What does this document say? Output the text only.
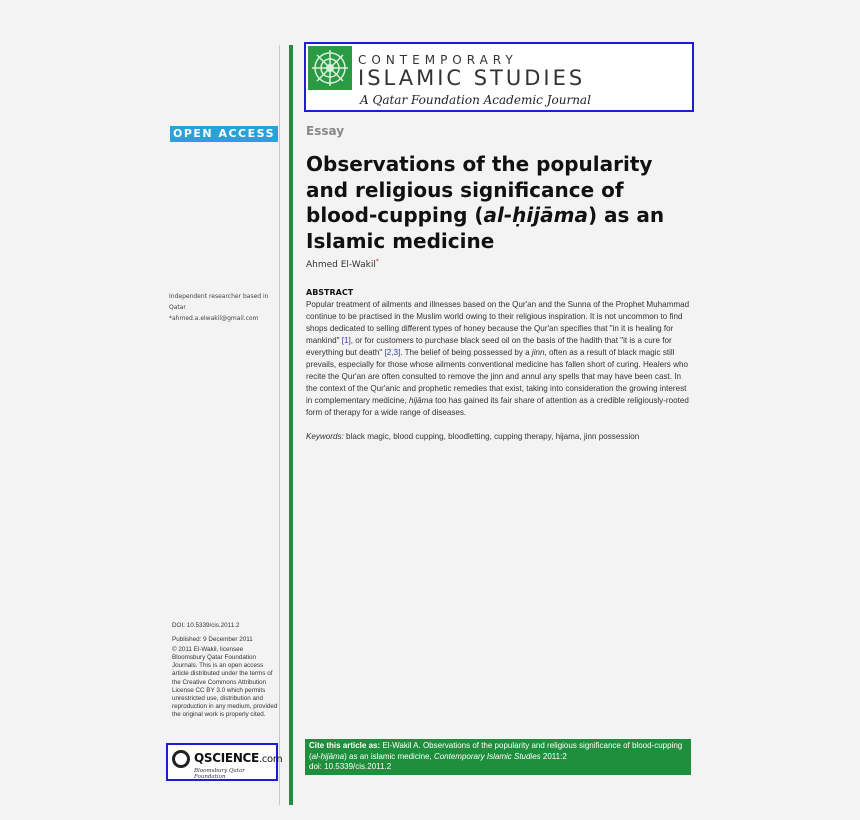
CONTEMPORARY
ISLAMIC STUDIES
A Qatar Foundation Academic Journal
OPEN ACCESS	Essay
Observations of the popularity and religious significance of blood-cupping (al-ḥijāma) as an Islamic medicine
Ahmed El-Wakil*
Independent researcher based in Qatar
*ahmed.a.elwakil@gmail.com
ABSTRACT
Popular treatment of ailments and illnesses based on the Qur'an and the Sunna of the Prophet Muhammad continue to be practised in the Muslim world owing to their religious inspiration. It is not uncommon to find shops dedicated to selling different types of honey because the Qur'an specifies that "in it is healing for mankind" [1], or for customers to purchase black seed oil on the basis of the hadith that "it is a cure for everything but death" [2,3]. The belief of being possessed by a jinn, often as a result of black magic still prevails, especially for those whose ailments conventional medicine has fallen short of curing. Healers who recite the Qur'an are often consulted to remove the jinn and annul any spells that may have been cast. In the context of the Qur'anic and prophetic remedies that exist, taking into consideration the growing interest in complementary medicine, hijāma too has gained its fair share of attention as a credible religiously-rooted form of therapy for a wide range of diseases.
Keywords: black magic, blood cupping, bloodletting, cupping therapy, hijama, jinn possession

DOI: 10.5339/cis.2011.2

Published: 9 December 2011

© 2011 El-Wakil, licensee Bloomsbury Qatar Foundation Journals. This is an open access article distributed under the terms of the Creative Commons Attribution License CC BY 3.0 which permits unrestricted use, distribution and reproduction in any medium, provided the original work is properly cited.

QSCIENCE.com
Bloomsbury Qatar Foundation
Cite this article as: El-Wakil A. Observations of the popularity and religious significance of blood-cupping (al-ḥijāma) as an islamic medicine, Contemporary Islamic Studies 2011:2
doi: 10.5339/cis.2011.2
